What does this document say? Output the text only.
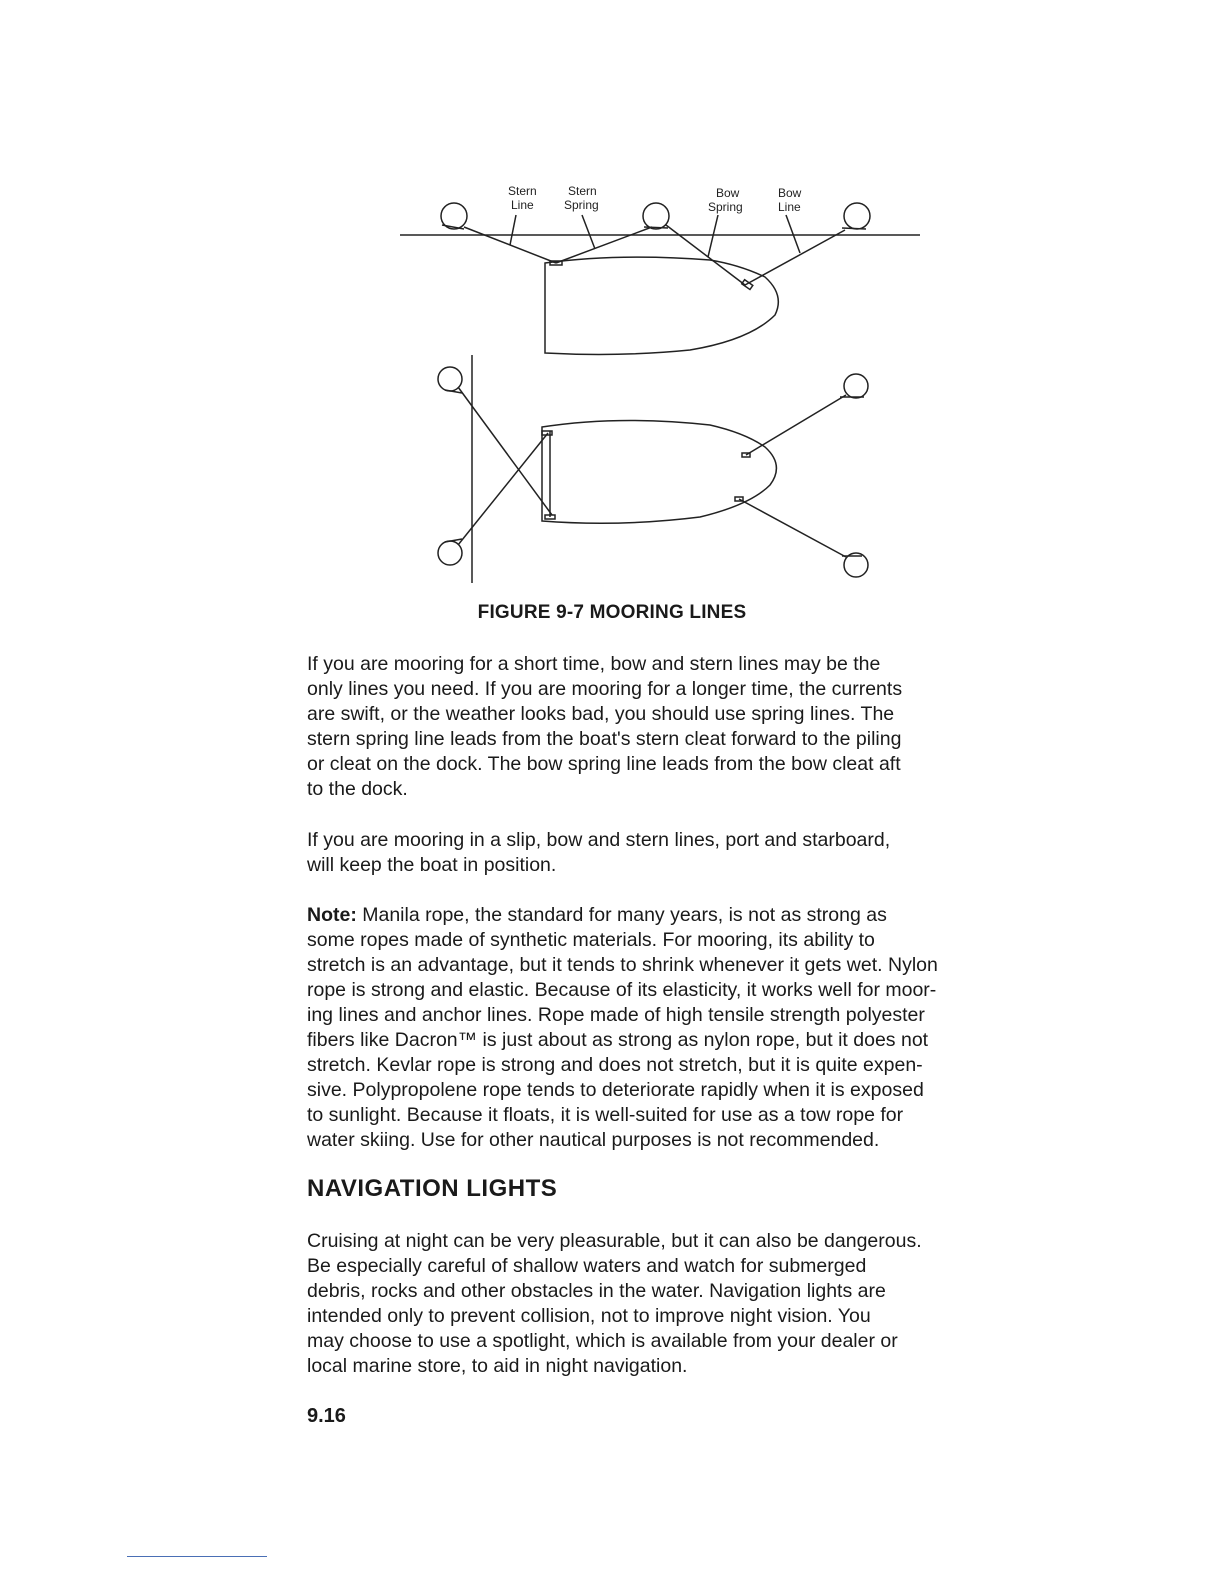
Stern Line
Stern Spring
Bow Spring
Bow Line
FIGURE 9-7 MOORING LINES

If you are mooring for a short time, bow and stern lines may be the
only lines you need. If you are mooring for a longer time, the currents
are swift, or the weather looks bad, you should use spring lines. The
stern spring line leads from the boat's stern cleat forward to the piling
or cleat on the dock. The bow spring line leads from the bow cleat aft
to the dock.

If you are mooring in a slip, bow and stern lines, port and starboard,
will keep the boat in position.

Note: Manila rope, the standard for many years, is not as strong as
some ropes made of synthetic materials. For mooring, its ability to
stretch is an advantage, but it tends to shrink whenever it gets wet. Nylon
rope is strong and elastic. Because of its elasticity, it works well for moor-
ing lines and anchor lines. Rope made of high tensile strength polyester
fibers like Dacron™ is just about as strong as nylon rope, but it does not
stretch. Kevlar rope is strong and does not stretch, but it is quite expen-
sive. Polypropolene rope tends to deteriorate rapidly when it is exposed
to sunlight. Because it floats, it is well-suited for use as a tow rope for
water skiing. Use for other nautical purposes is not recommended.

NAVIGATION LIGHTS

Cruising at night can be very pleasurable, but it can also be dangerous.
Be especially careful of shallow waters and watch for submerged
debris, rocks and other obstacles in the water. Navigation lights are
intended only to prevent collision, not to improve night vision. You
may choose to use a spotlight, which is available from your dealer or
local marine store, to aid in night navigation.

9.16
